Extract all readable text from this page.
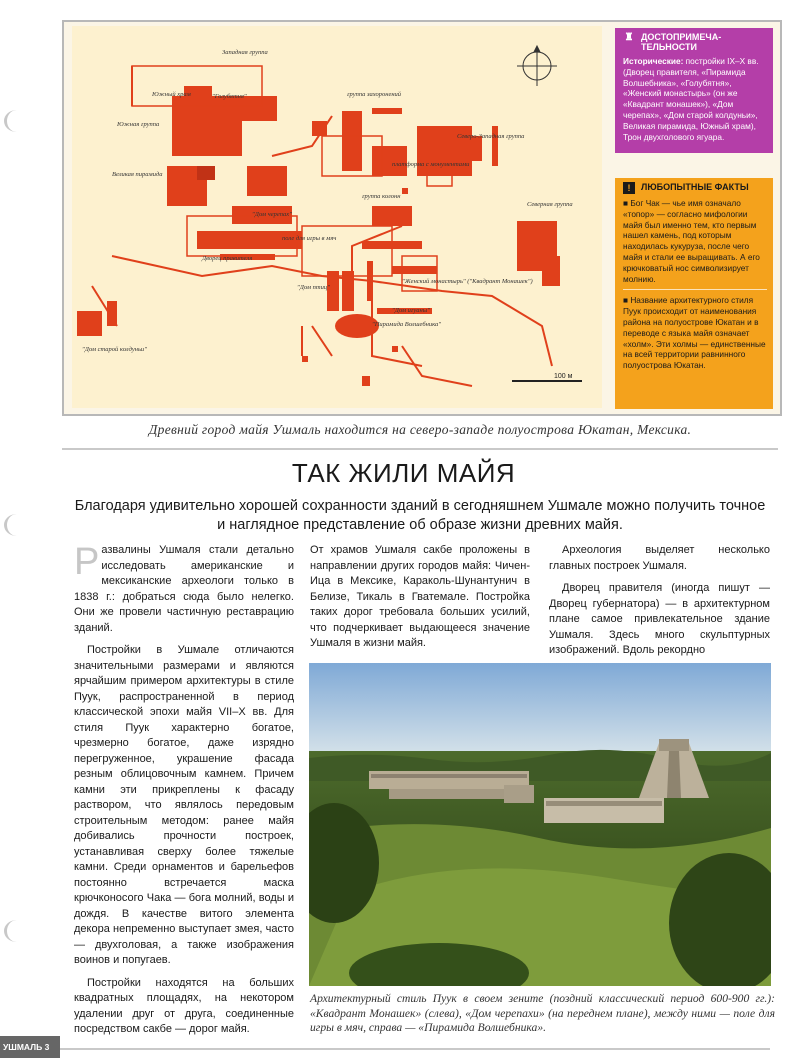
100 м
Западная группа
Южный храм	"Голубятня"
Южная группа
Великая пирамида
группа захоронений
Северо-Западная группа
платформа с монументами
группа колонн
"Дом черепах"
поле для игры в мяч
Дворец правителя
Северная группа
"Женский монастырь" ("Квадрант Монашек")
"Дом птиц"
"Дом игуаны"
"Пирамида Волшебника"
"Дом старой колдуньи"
♜ ДОСТОПРИМЕЧА-ТЕЛЬНОСТИ

Исторические: постройки IX–X вв. (Дворец правителя, «Пирамида Волшебника», «Голубятня», «Женский монастырь» (он же «Квадрант монашек»), «Дом черепах», «Дом старой колдуньи», Великая пирамида, Южный храм), Трон двухголового ягуара.

!	ЛЮБОПЫТНЫЕ ФАКТЫ

■ Бог Чак — чье имя означало «топор» — согласно мифологии майя был именно тем, кто первым нашел камень, под которым находилась кукуруза, после чего майя и стали ее выращивать. А его крючковатый нос символизирует молнию.

■ Название архитектурного стиля Пуук происходит от наименования района на полуострове Юкатан и в переводе с языка майя означает «холм». Эти холмы — единственные на всей территории равнинного полуострова Юкатан.

Древний город майя Ушмаль находится на северо-западе полуострова Юкатан, Мексика.
ТАК ЖИЛИ МАЙЯ
Благодаря удивительно хорошей сохранности зданий в сегодняшнем Ушмале можно получить точное и наглядное представление об образе жизни древних майя.

Развалины Ушмаля стали детально исследовать американские и мексиканские археологи только в 1838 г.: добраться сюда было нелегко. Они же провели частичную реставрацию зданий.

Постройки в Ушмале отличаются значительными размерами и являются ярчайшим примером архитектуры в стиле Пуук, распространенной в период классической эпохи майя VII–X вв. Для стиля Пуук характерно богатое, чрезмерно богатое, даже изрядно перегруженное, украшение фасада резным облицовочным камнем. Причем камни эти прикреплены к фасаду раствором, что являлось передовым строительным методом: ранее майя добивались прочности построек, устанавливая сверху более тяжелые камни. Среди орнаментов и барельефов постоянно встречается маска крючконосого Чака — бога молний, воды и дождя. В качестве витого элемента декора непременно выступает змея, часто — двухголовая, а также изображения воинов и попугаев.

Постройки находятся на больших квадратных площадях, на некотором удалении друг от друга, соединенные посредством сакбе — дорог майя.

От храмов Ушмаля сакбе проложены в направлении других городов майя: Чичен-Ица в Мексике, Караколь-Шунантунич в Белизе, Тикаль в Гватемале. Постройка таких дорог требовала больших усилий, что подчеркивает выдающееся значение Ушмаля в жизни майя.

Археология выделяет несколько главных построек Ушмаля.

Дворец правителя (иногда пишут — Дворец губернатора) — в архитектурном плане самое привлекательное здание Ушмаля. Здесь много скульптурных изображений. Вдоль рекордно

Архитектурный стиль Пуук в своем зените (поздний классический период 600-900 гг.): «Квадрант Монашек» (слева), «Дом черепахи» (на переднем плане), между ними — поле для игры в мяч, справа — «Пирамида Волшебника».
УШМАЛЬ 3
